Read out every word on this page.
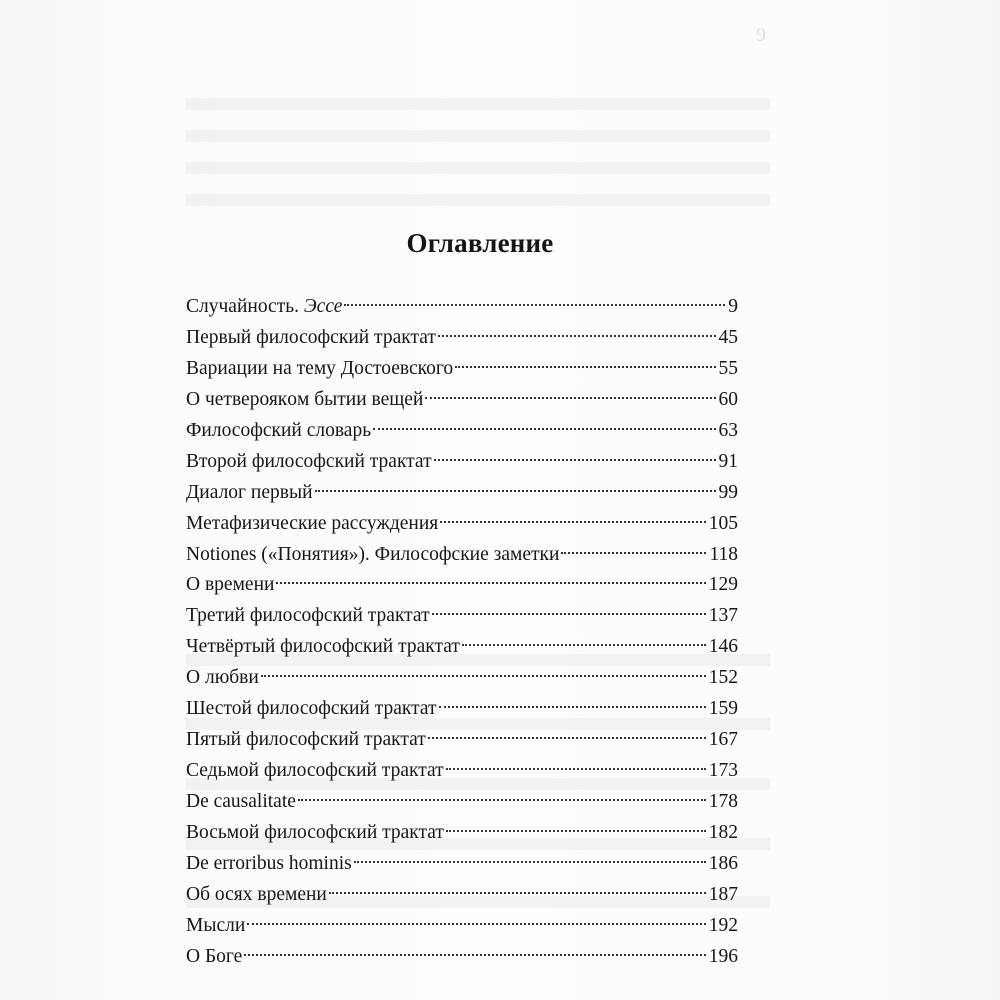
9
Оглавление
Случайность. Эссе	9
Первый философский трактат	45
Вариации на тему Достоевского	55
О четвероякoм бытии вещей	60
Философский словарь	63
Второй философский трактат	91
Диалог первый	99
Метафизические рассуждения	105
Notiones («Понятия»). Философские заметки	118
О времени	129
Третий философский трактат	137
Четвёртый философский трактат	146
О любви	152
Шестой философский трактат	159
Пятый философский трактат	167
Седьмой философский трактат	173
De causalitate	178
Восьмой философский трактат	182
De erroribus hominis	186
Об осях времени	187
Мысли	192
О Боге	196
